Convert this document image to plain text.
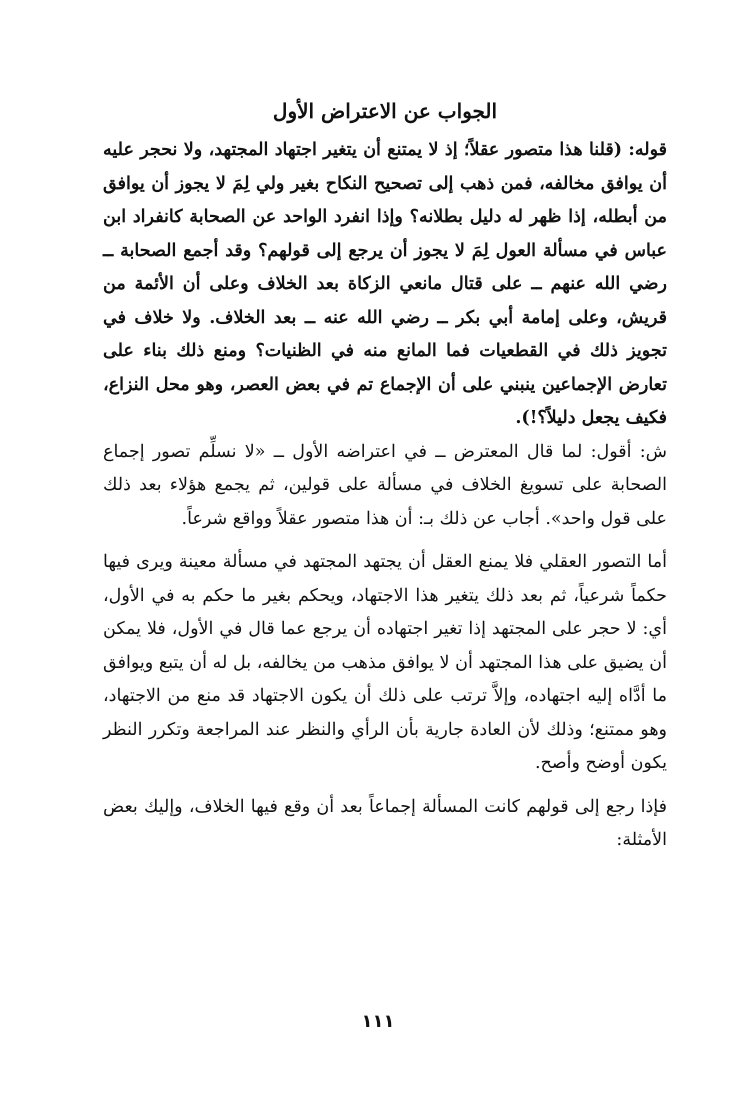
الجواب عن الاعتراض الأول

قوله: (قلنا هذا متصور عقلاً؛ إذ لا يمتنع أن يتغير اجتهاد المجتهد، ولا نحجر عليه أن يوافق مخالفه، فمن ذهب إلى تصحيح النكاح بغير ولي لِمَ لا يجوز أن يوافق من أبطله، إذا ظهر له دليل بطلانه؟ وإذا انفرد الواحد عن الصحابة كانفراد ابن عباس في مسألة العول لِمَ لا يجوز أن يرجع إلى قولهم؟ وقد أجمع الصحابة ــ رضي الله عنهم ــ على قتال مانعي الزكاة بعد الخلاف وعلى أن الأئمة من قريش، وعلى إمامة أبي بكر ــ رضي الله عنه ــ بعد الخلاف. ولا خلاف في تجويز ذلك في القطعيات فما المانع منه في الظنيات؟ ومنع ذلك بناء على تعارض الإجماعين ينبني على أن الإجماع تم في بعض العصر، وهو محل النزاع، فكيف يجعل دليلاً؟!).

ش: أقول: لما قال المعترض ــ في اعتراضه الأول ــ «لا نسلِّم تصور إجماع الصحابة على تسويغ الخلاف في مسألة على قولين، ثم يجمع هؤلاء بعد ذلك على قول واحد». أجاب عن ذلك بـ: أن هذا متصور عقلاً وواقع شرعاً.

أما التصور العقلي فلا يمنع العقل أن يجتهد المجتهد في مسألة معينة ويرى فيها حكماً شرعياً، ثم بعد ذلك يتغير هذا الاجتهاد، ويحكم بغير ما حكم به في الأول، أي: لا حجر على المجتهد إذا تغير اجتهاده أن يرجع عما قال في الأول، فلا يمكن أن يضيق على هذا المجتهد أن لا يوافق مذهب من يخالفه، بل له أن يتبع ويوافق ما أدَّاه إليه اجتهاده، وإلاَّ ترتب على ذلك أن يكون الاجتهاد قد منع من الاجتهاد، وهو ممتنع؛ وذلك لأن العادة جارية بأن الرأي والنظر عند المراجعة وتكرر النظر يكون أوضح وأصح.

فإذا رجع إلى قولهم كانت المسألة إجماعاً بعد أن وقع فيها الخلاف، وإليك بعض الأمثلة:

١١١
